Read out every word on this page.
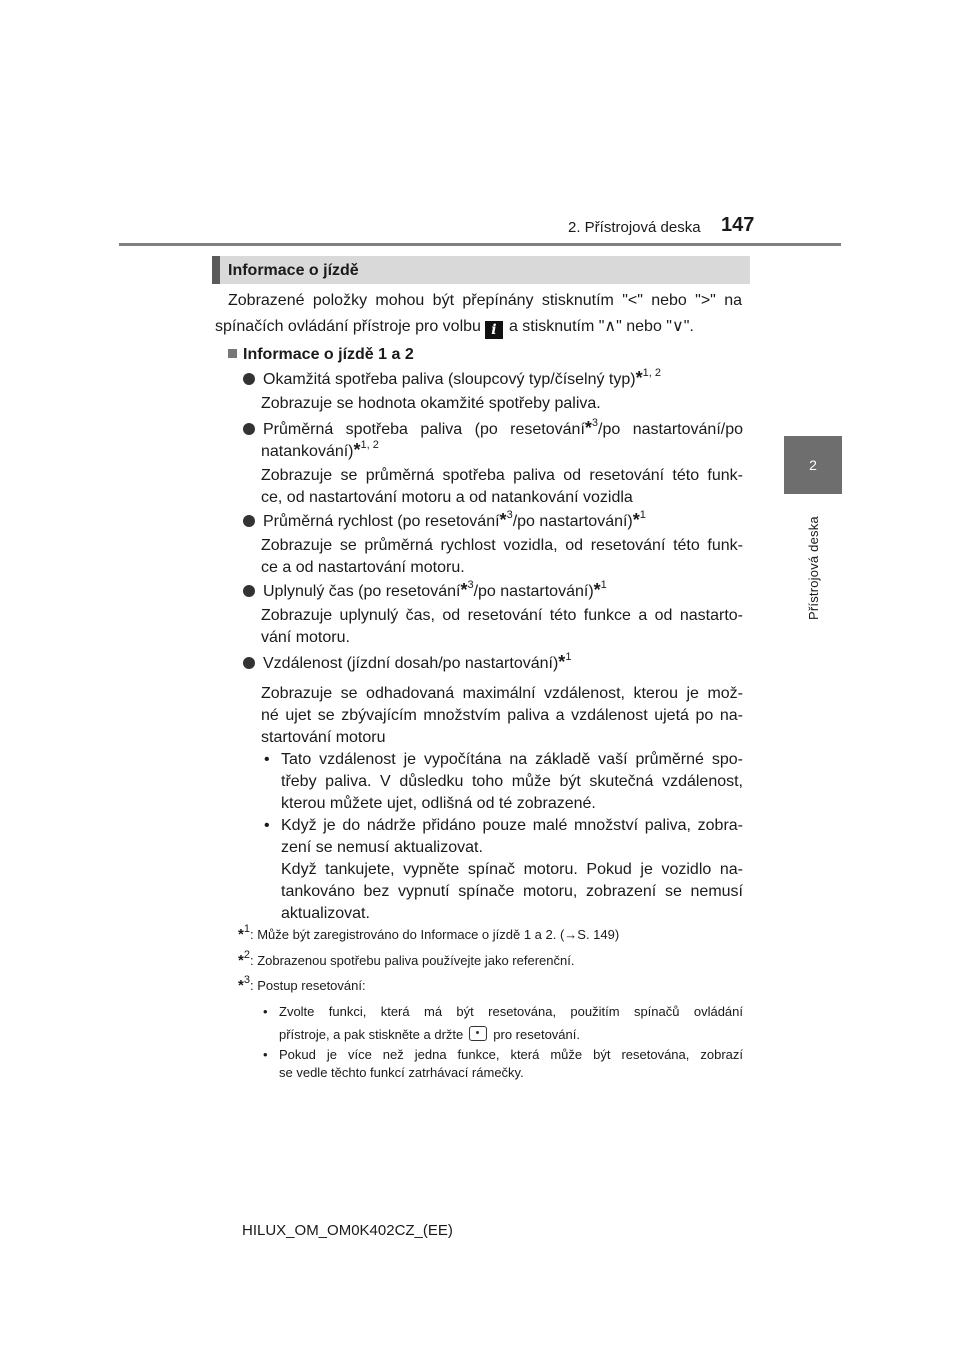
2. Přístrojová deska 147
2
Přístrojová deska
Informace o jízdě
Zobrazené položky mohou být přepínány stisknutím "<" nebo ">" na
spínačích ovládání přístroje pro volbu i a stisknutím "∧" nebo "∨".
Informace o jízdě 1 a 2
Okamžitá spotřeba paliva (sloupcový typ/číselný typ)*$^{1, 2}$
Zobrazuje se hodnota okamžité spotřeby paliva.
Průměrná spotřeba paliva (po resetování*$^3$/po nastartování/po
natankování)*$^{1, 2}$
Zobrazuje se průměrná spotřeba paliva od resetování této funk-
ce, od nastartování motoru a od natankování vozidla
Průměrná rychlost (po resetování*$^3$/po nastartování)*$^1$
Zobrazuje se průměrná rychlost vozidla, od resetování této funk-
ce a od nastartování motoru.
Uplynulý čas (po resetování*$^3$/po nastartování)*$^1$
Zobrazuje uplynulý čas, od resetování této funkce a od nastarto-
vání motoru.
Vzdálenost (jízdní dosah/po nastartování)*$^1$
Zobrazuje se odhadovaná maximální vzdálenost, kterou je mož-
né ujet se zbývajícím množstvím paliva a vzdálenost ujetá po na-
startování motoru
• Tato vzdálenost je vypočítána na základě vaší průměrné spo-
třeby paliva. V důsledku toho může být skutečná vzdálenost,
kterou můžete ujet, odlišná od té zobrazené.
• Když je do nádrže přidáno pouze malé množství paliva, zobra-
zení se nemusí aktualizovat.
Když tankujete, vypněte spínač motoru. Pokud je vozidlo na-
tankováno bez vypnutí spínače motoru, zobrazení se nemusí
aktualizovat.
*$^1$: Může být zaregistrováno do Informace o jízdě 1 a 2. (→S. 149)
*$^2$: Zobrazenou spotřebu paliva používejte jako referenční.
*$^3$: Postup resetování:
• Zvolte funkci, která má být resetována, použitím spínačů ovládání
přístroje, a pak stiskněte a držte pro resetování.
• Pokud je více než jedna funkce, která může být resetována, zobrazí
se vedle těchto funkcí zatrhávací rámečky.
HILUX_OM_OM0K402CZ_(EE)
